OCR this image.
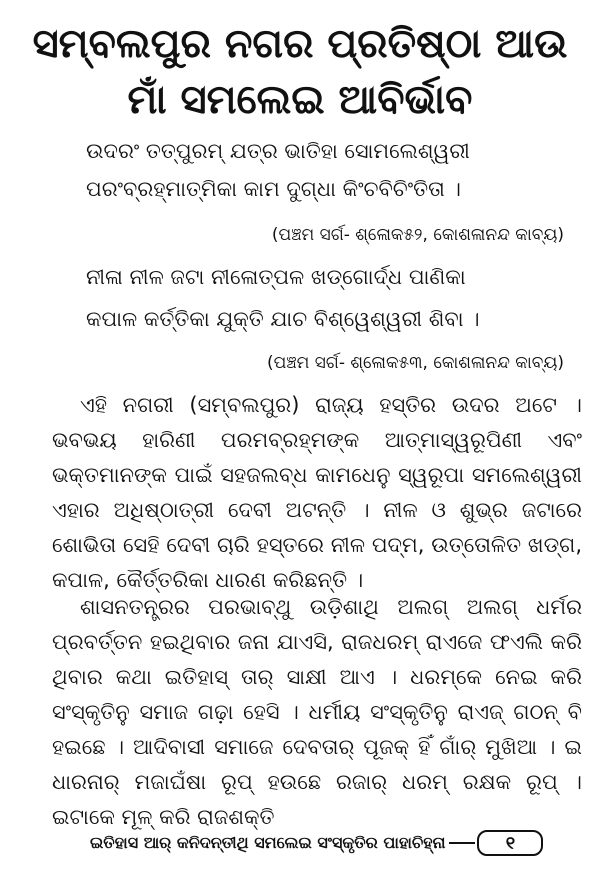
ସମ୍ବଲପୁର ନଗର ପ୍ରତିଷ୍ଠା ଆଉ
ମାଁ ସମଲେଇ ଆବିର୍ଭାବ
ଉଦରଂ ତତ୍ପୁରମ୍ ଯତ୍ର ଭାତିହା ସୋମଲେଶ୍ୱରୀ
ପରଂବ୍ରହ୍ମାତ୍ମିକା କାମ ଦୁଗ୍ଧା କିଂଚବିଚିଂତିତା ।
(ପଞ୍ଚମ ସର୍ଗ- ଶ୍ଳୋକ୫୨, କୋଶଳାନନ୍ଦ କାବ୍ୟ)
ନୀଳା ନୀଳ ଜଟା ନୀଳୋତ୍ପଳ ଖଡ୍ଗୋର୍ଦ୍ଧ ପାଣିକା
କପାଳ କର୍ତ୍ତିକା ଯୁକ୍ତି ଯାଚ ବିଶ୍ୱେଶ୍ୱରୀ ଶିବା ।
(ପଞ୍ଚମ ସର୍ଗ- ଶ୍ଳୋକ୫୩, କୋଶଳାନନ୍ଦ କାବ୍ୟ)

ଏହି ନଗରୀ (ସମ୍ବଲପୁର) ରାଜ୍ୟ ହସ୍ତିର ଉଦର ଅଟେ । ଭବଭୟ ହାରିଣୀ ପରମବ୍ରହ୍ମଙ୍କ ଆତ୍ମାସ୍ୱରୂପିଣୀ ଏବଂ ଭକ୍ତମାନଙ୍କ ପାଇଁ ସହଜଲବ୍ଧ କାମଧେନୁ ସ୍ୱରୂପା ସମଲେଶ୍ୱରୀ ଏହାର ଅଧିଷ୍ଠାତ୍ରୀ ଦେବୀ ଅଟନ୍ତି । ନୀଳ ଓ ଶୁଭ୍ର ଜଟାରେ ଶୋଭିତା ସେହି ଦେବୀ ଚାରି ହସ୍ତରେ ନୀଳ ପଦ୍ମ, ଉତ୍ତୋଳିତ ଖଡ୍ଗ, କପାଳ, କୈର୍ତ୍ତରିକା ଧାରଣ କରିଛନ୍ତି ।

ଶାସନତନ୍ତ୍ରର ପରଭାବ୍ଥୁ ଉଡ଼ିଶାଥି ଅଲଗ୍ ଅଲଗ୍ ଧର୍ମର ପ୍ରବର୍ତ୍ତନ ହଇଥିବାର ଜନା ଯାଏସି, ରାଜଧରମ୍ ରାଏଜେ ଫଏଲି କରି ଥିବାର କଥା ଇତିହାସ୍ ତାର୍ ସାକ୍ଷୀ ଆଏ । ଧରମ୍‌କେ ନେଇ କରି ସଂସ୍କୃତିନୁ ସମାଜ ଗଢ଼ା ହେସି । ଧର୍ମୀୟ ସଂସ୍କୃତିନୁ ରାଏଜ୍ ଗଠନ୍ ବି ହଇଛେ । ଆଦିବାସୀ ସମାଜେ ଦେବତାର୍ ପୂଜକ୍ ହିଁ ଗାଁର୍ ମୁଖିଆ । ଇ ଧାରନାର୍ ମଜାଘଁଷା ରୂପ୍ ହଉଛେ ରଜାର୍ ଧରମ୍ ରକ୍ଷକ ରୂପ୍ । ଇଟାକେ ମୂଳ୍ କରି ରାଜଶକ୍ତି

ଇତିହାସ ଆର୍ କନିଦନ୍ତୀଥି ସମଲେଇ ସଂସ୍କୃତିର ପାହାଚିହ୍ନା	୧
